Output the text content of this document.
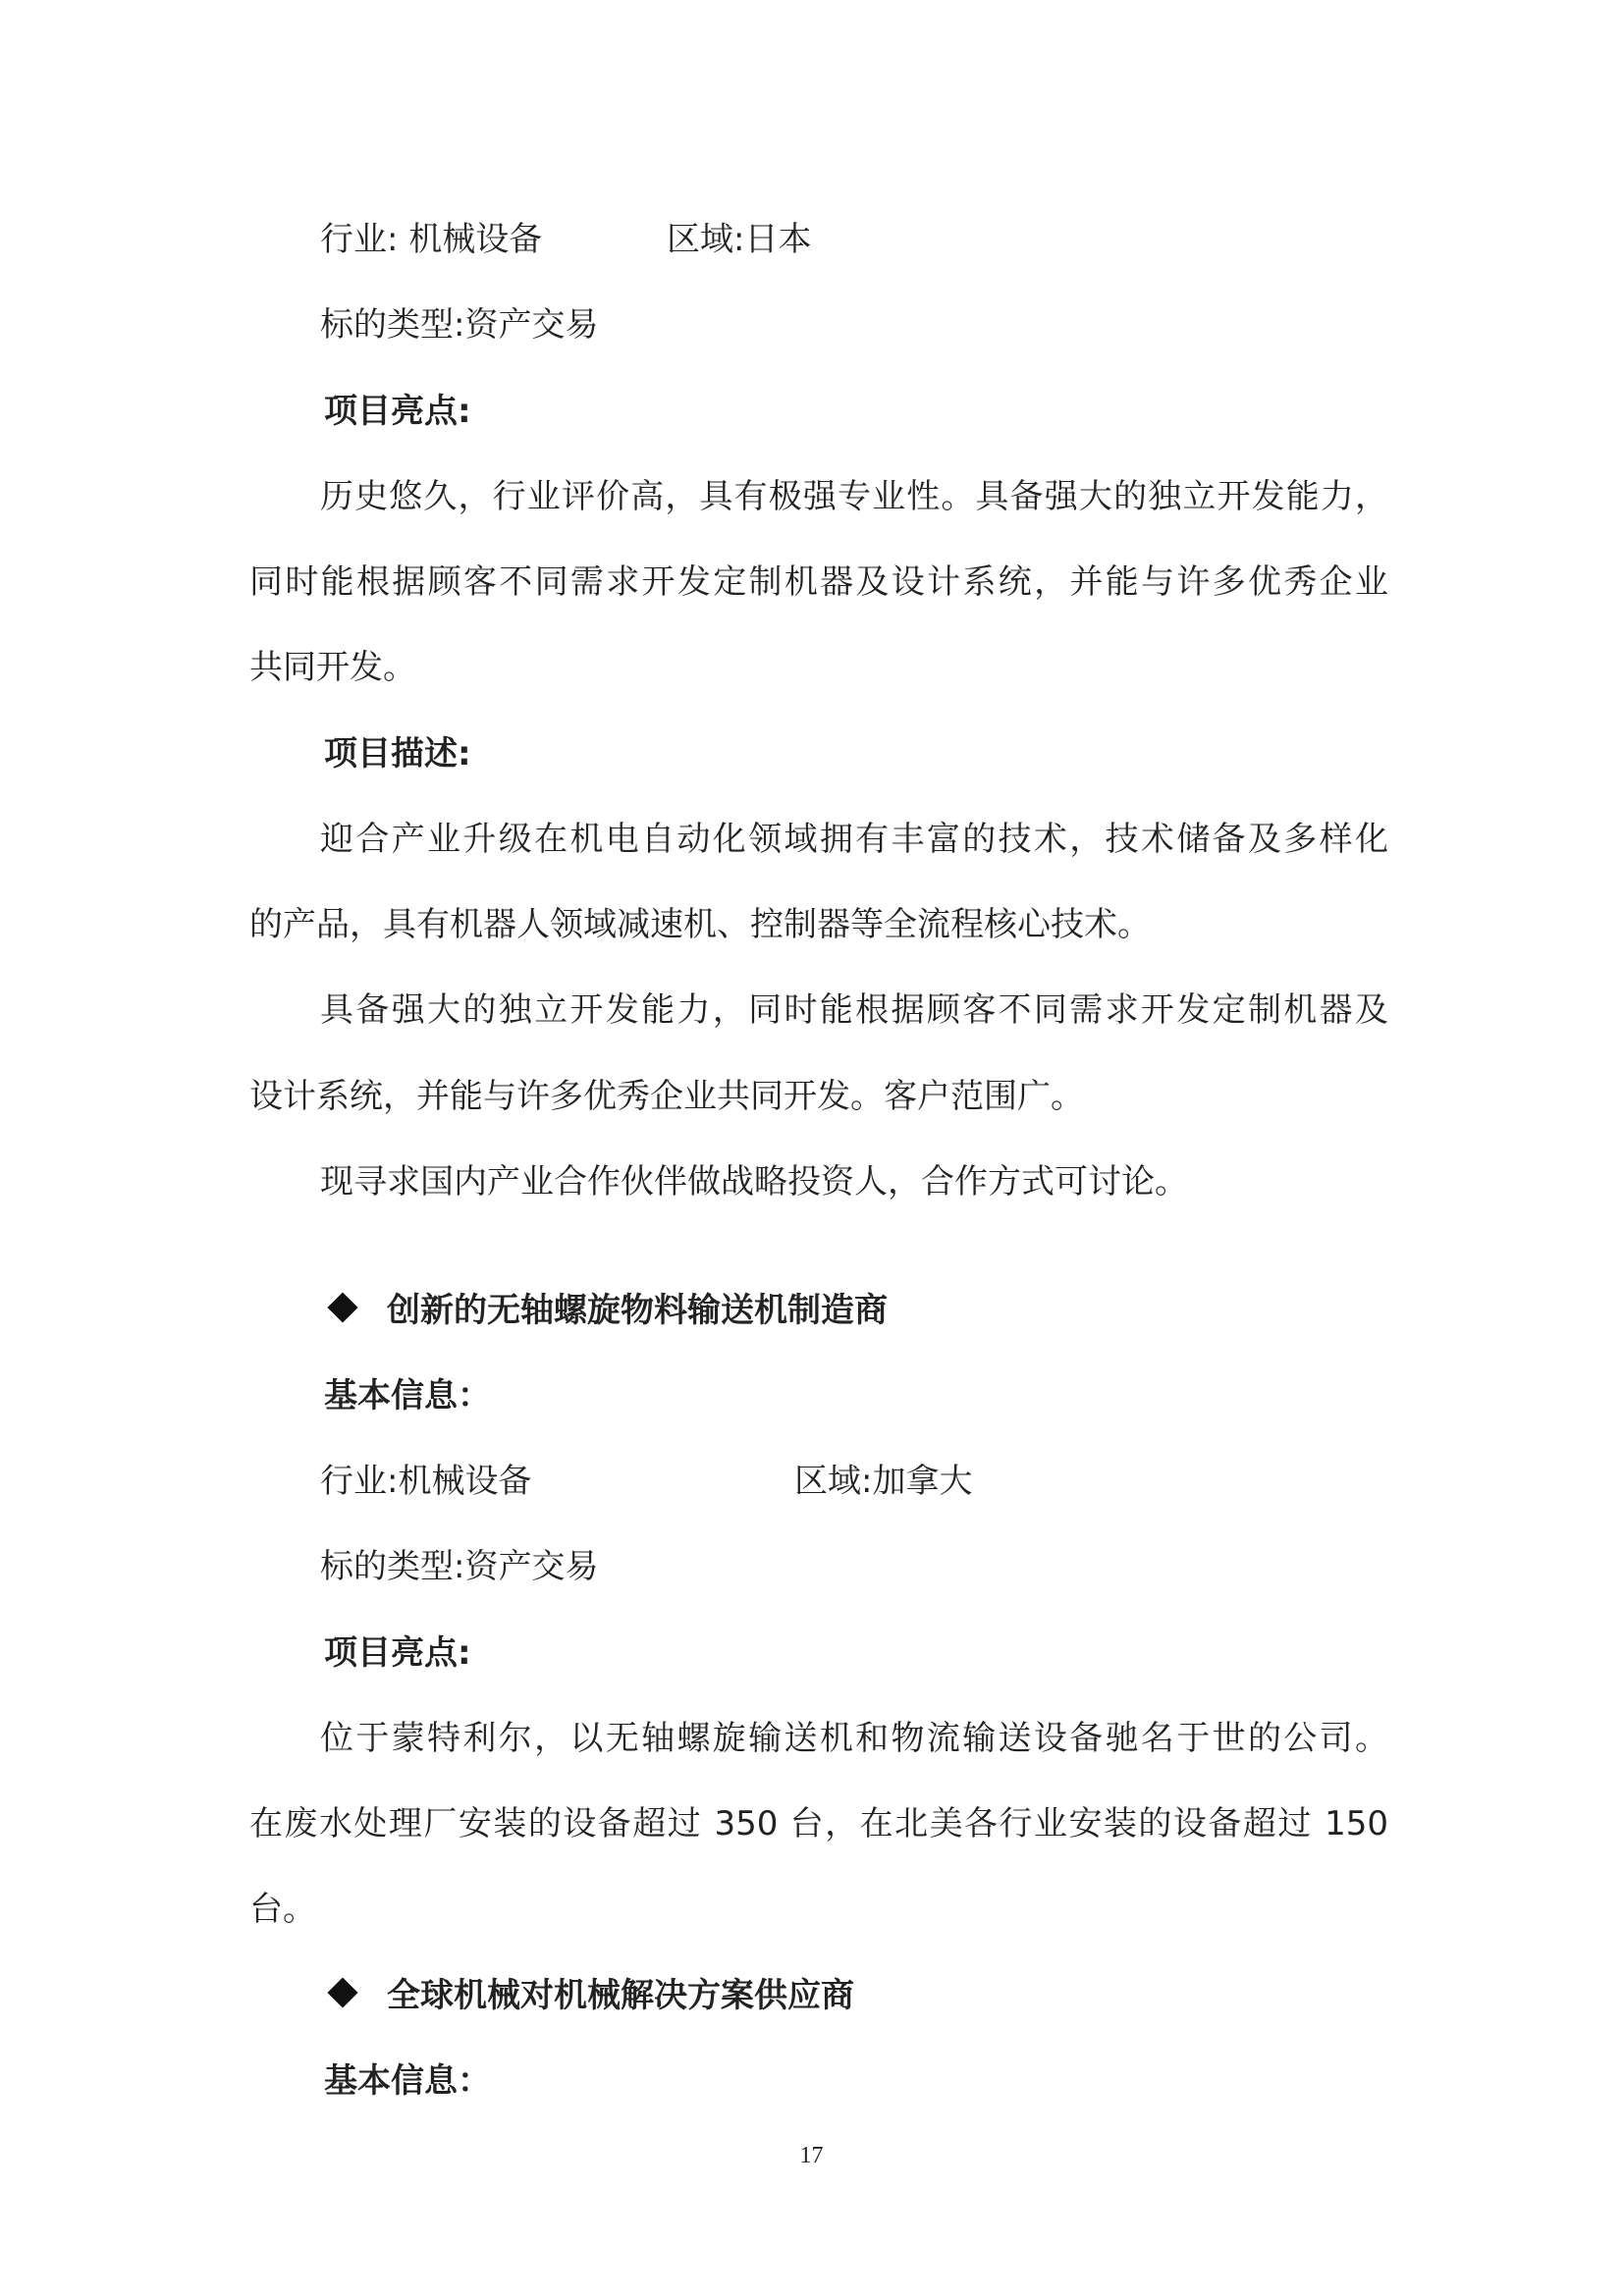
行业: 机械设备	区域:日本
标的类型:资产交易
项目亮点:
历史悠久，行业评价高，具有极强专业性。具备强大的独立开发能力，
同时能根据顾客不同需求开发定制机器及设计系统，并能与许多优秀企业
共同开发。
项目描述:
迎合产业升级在机电自动化领域拥有丰富的技术，技术储备及多样化
的产品，具有机器人领域减速机、控制器等全流程核心技术。
具备强大的独立开发能力，同时能根据顾客不同需求开发定制机器及
设计系统，并能与许多优秀企业共同开发。客户范围广。
现寻求国内产业合作伙伴做战略投资人，合作方式可讨论。
创新的无轴螺旋物料输送机制造商
基本信息：
行业:机械设备	区域:加拿大
标的类型:资产交易
项目亮点:
位于蒙特利尔，以无轴螺旋输送机和物流输送设备驰名于世的公司。
在废水处理厂安装的设备超过 350 台，在北美各行业安装的设备超过 150
台。
全球机械对机械解决方案供应商
基本信息：
17
